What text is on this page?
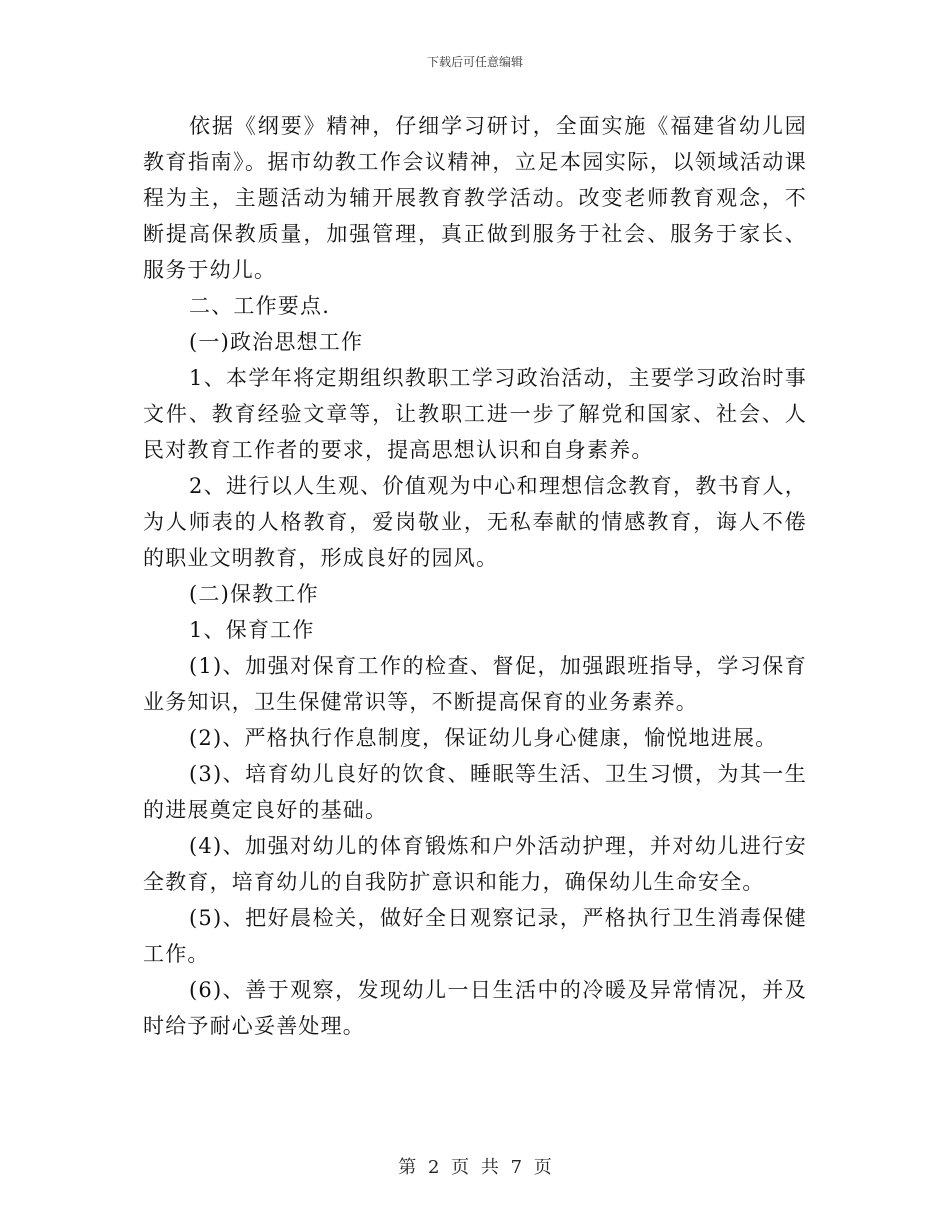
下载后可任意编辑

依据《纲要》精神，仔细学习研讨，全面实施《福建省幼儿园教育指南》。据市幼教工作会议精神，立足本园实际，以领域活动课程为主，主题活动为辅开展教育教学活动。改变老师教育观念，不断提高保教质量，加强管理，真正做到服务于社会、服务于家长、服务于幼儿。

二、工作要点.

(一)政治思想工作

1、本学年将定期组织教职工学习政治活动，主要学习政治时事文件、教育经验文章等，让教职工进一步了解党和国家、社会、人民对教育工作者的要求，提高思想认识和自身素养。

2、进行以人生观、价值观为中心和理想信念教育，教书育人，为人师表的人格教育，爱岗敬业，无私奉献的情感教育，诲人不倦的职业文明教育，形成良好的园风。

(二)保教工作

1、保育工作

(1)、加强对保育工作的检查、督促，加强跟班指导，学习保育业务知识，卫生保健常识等，不断提高保育的业务素养。

(2)、严格执行作息制度，保证幼儿身心健康，愉悦地进展。

(3)、培育幼儿良好的饮食、睡眠等生活、卫生习惯，为其一生的进展奠定良好的基础。

(4)、加强对幼儿的体育锻炼和户外活动护理，并对幼儿进行安全教育，培育幼儿的自我防扩意识和能力，确保幼儿生命安全。

(5)、把好晨检关，做好全日观察记录，严格执行卫生消毒保健工作。

(6)、善于观察，发现幼儿一日生活中的冷暖及异常情况，并及时给予耐心妥善处理。

第 2 页 共 7 页
